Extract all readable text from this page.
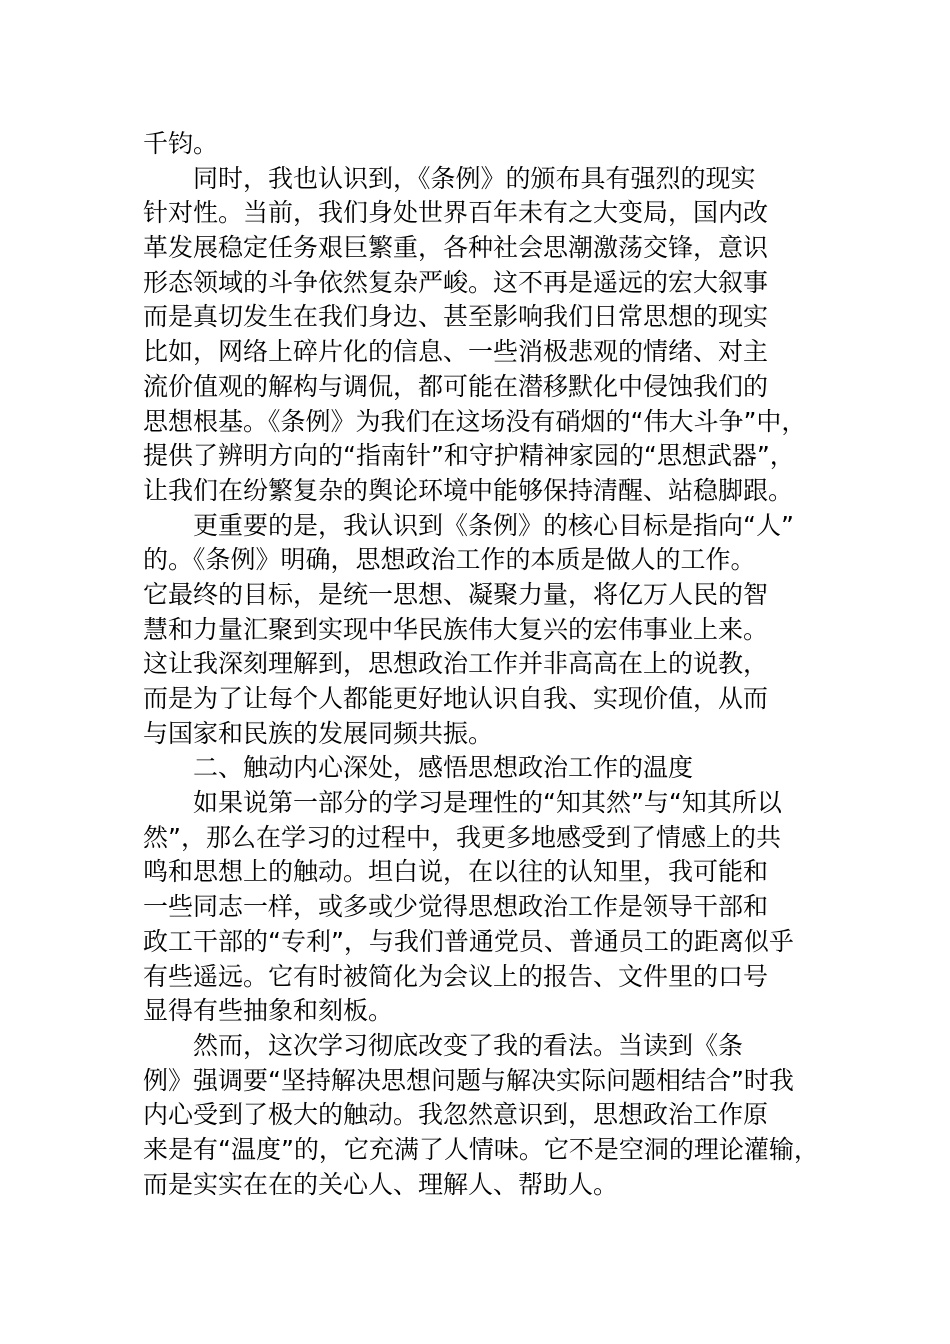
千钧。
同时，我也认识到，《条例》的颁布具有强烈的现实
针对性。当前，我们身处世界百年未有之大变局，国内改
革发展稳定任务艰巨繁重，各种社会思潮激荡交锋，意识
形态领域的斗争依然复杂严峻。这不再是遥远的宏大叙事
而是真切发生在我们身边、甚至影响我们日常思想的现实
比如，网络上碎片化的信息、一些消极悲观的情绪、对主
流价值观的解构与调侃，都可能在潜移默化中侵蚀我们的
思想根基。《条例》为我们在这场没有硝烟的“伟大斗争”中，
提供了辨明方向的“指南针”和守护精神家园的“思想武器”，
让我们在纷繁复杂的舆论环境中能够保持清醒、站稳脚跟。
更重要的是，我认识到《条例》的核心目标是指向“人”
的。《条例》明确，思想政治工作的本质是做人的工作。
它最终的目标，是统一思想、凝聚力量，将亿万人民的智
慧和力量汇聚到实现中华民族伟大复兴的宏伟事业上来。
这让我深刻理解到，思想政治工作并非高高在上的说教，
而是为了让每个人都能更好地认识自我、实现价值，从而
与国家和民族的发展同频共振。
二、触动内心深处，感悟思想政治工作的温度
如果说第一部分的学习是理性的“知其然”与“知其所以
然”，那么在学习的过程中，我更多地感受到了情感上的共
鸣和思想上的触动。坦白说，在以往的认知里，我可能和
一些同志一样，或多或少觉得思想政治工作是领导干部和
政工干部的“专利”，与我们普通党员、普通员工的距离似乎
有些遥远。它有时被简化为会议上的报告、文件里的口号
显得有些抽象和刻板。
然而，这次学习彻底改变了我的看法。当读到《条
例》强调要“坚持解决思想问题与解决实际问题相结合”时我
内心受到了极大的触动。我忽然意识到，思想政治工作原
来是有“温度”的，它充满了人情味。它不是空洞的理论灌输，
而是实实在在的关心人、理解人、帮助人。
